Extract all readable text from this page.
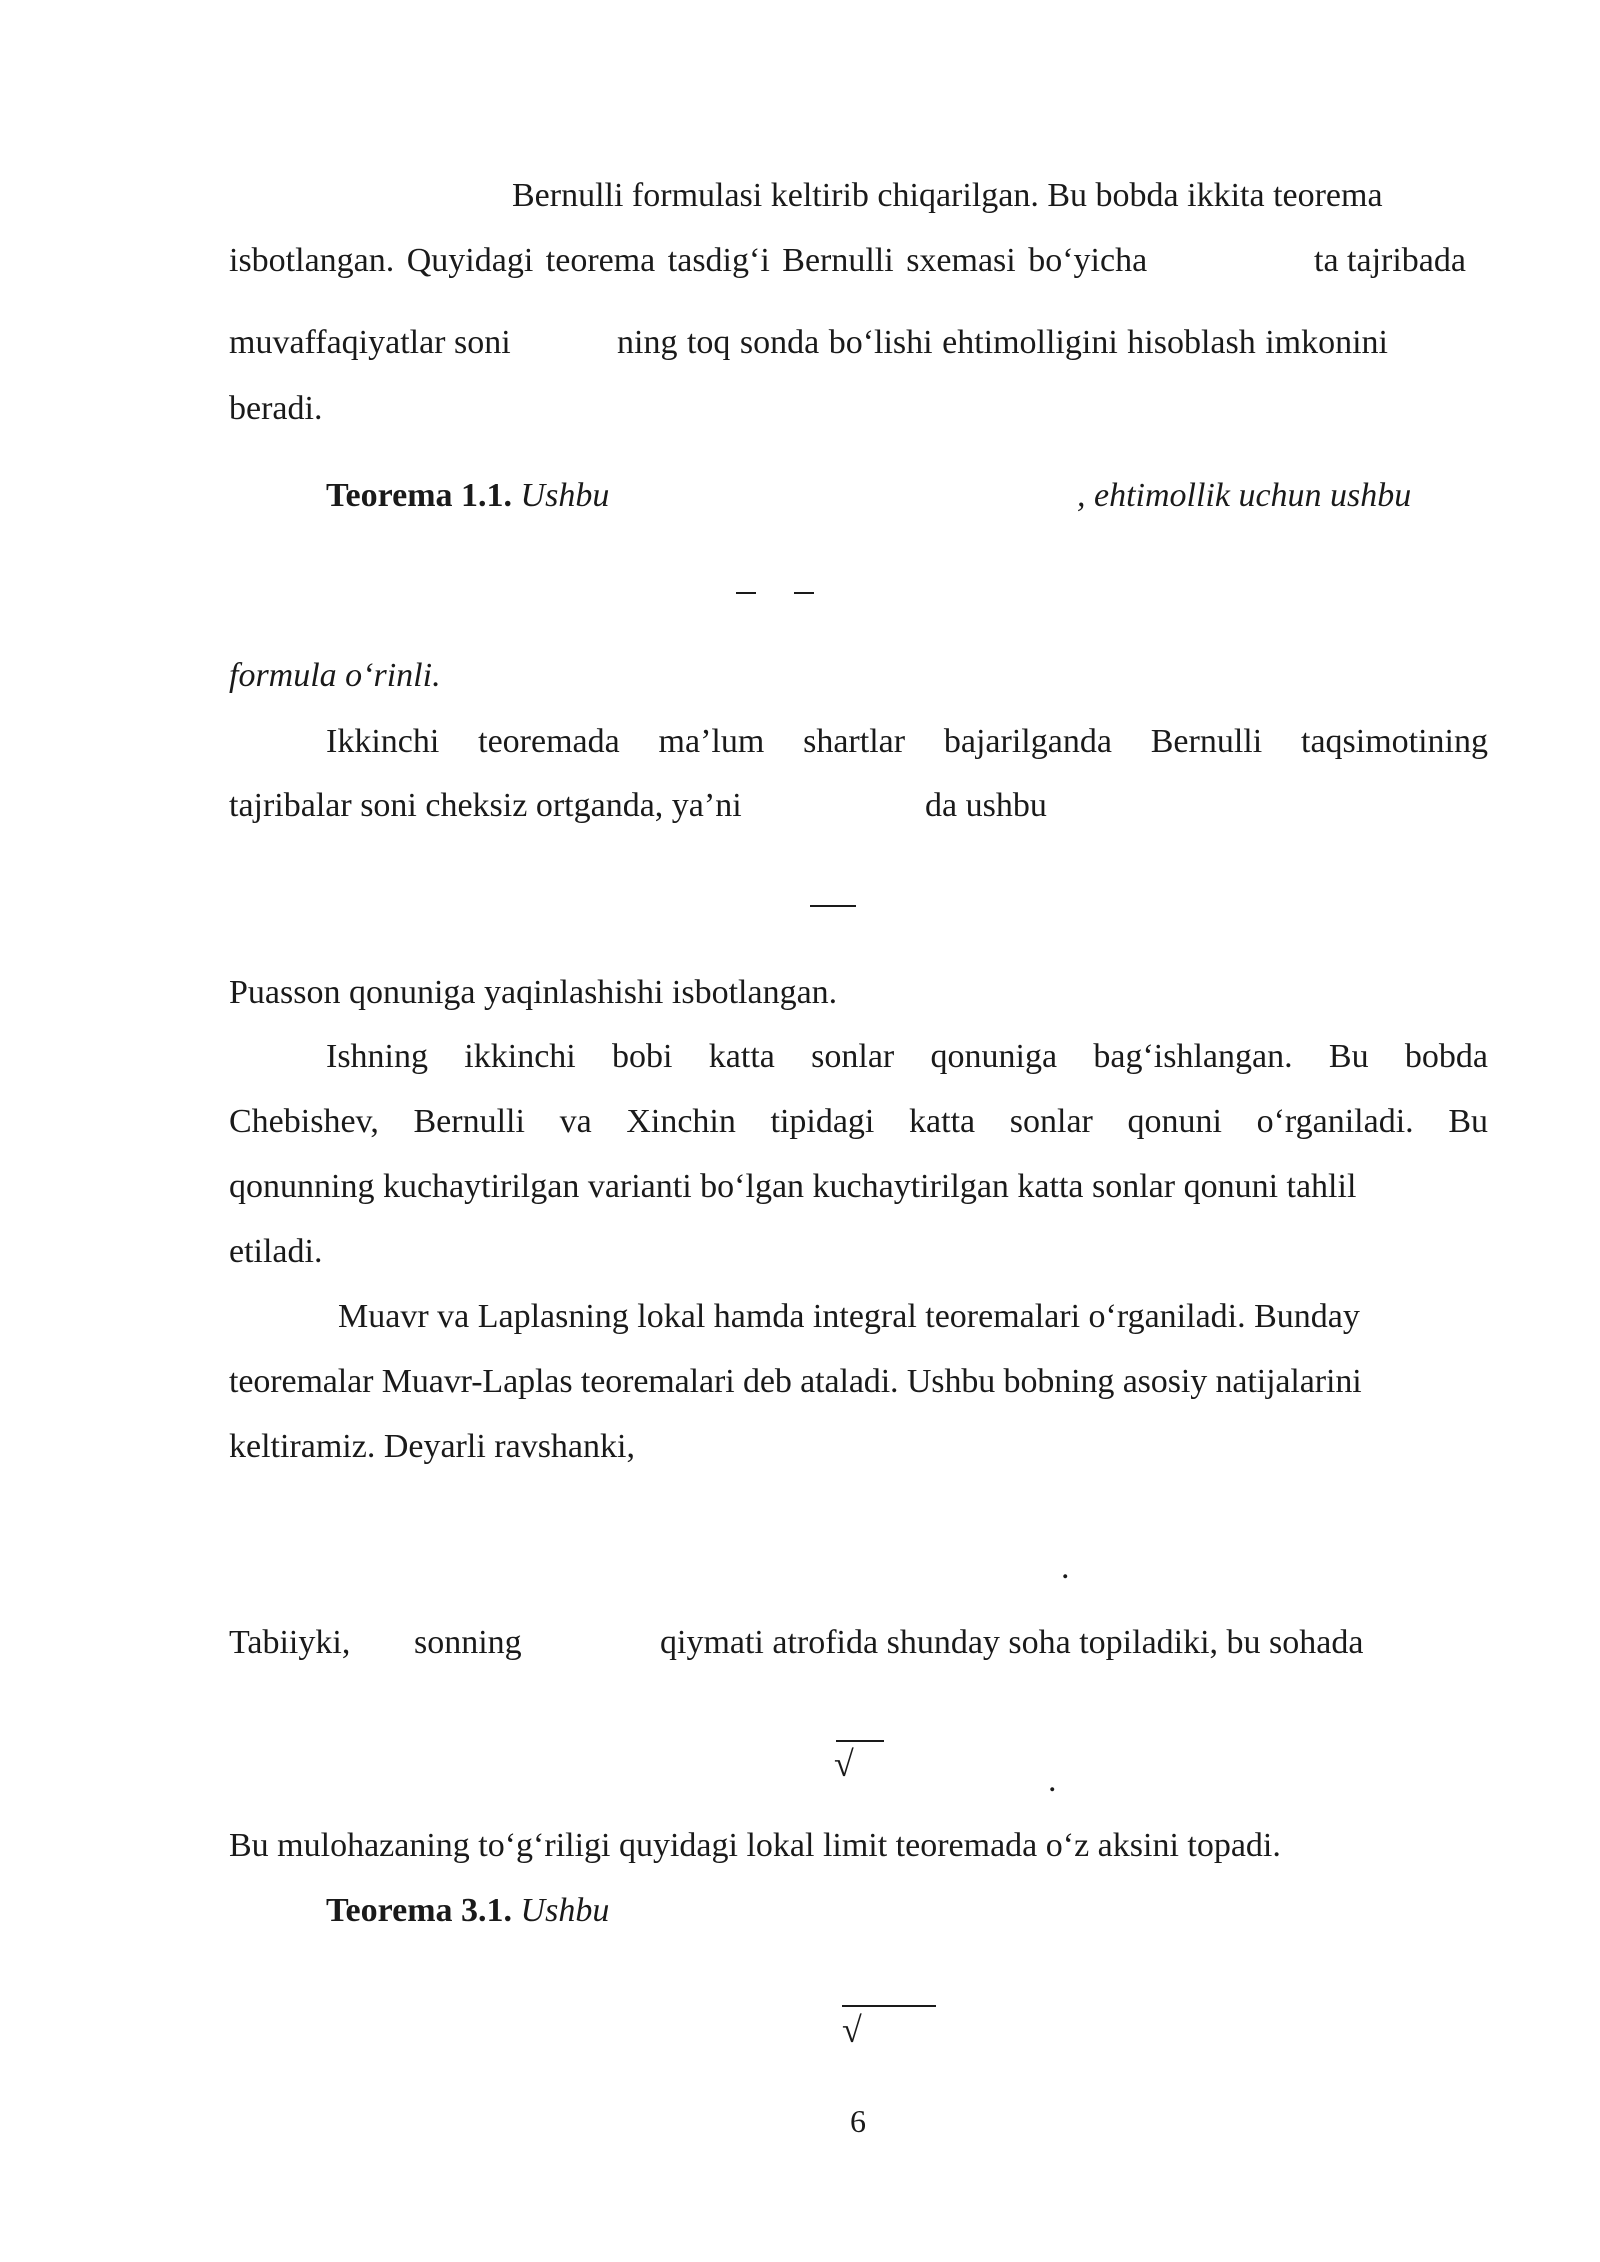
Bernulli formulasi keltirib chiqarilgan. Bu bobda ikkita teorema
isbotlangan. Quyidagi teorema tasdig‘i Bernulli sxemasi bo‘yicha	ta tajribada
muvaffaqiyatlar soni	ning toq sonda bo‘lishi ehtimolligini hisoblash imkonini
beradi.
Teorema 1.1. Ushbu	, ehtimollik uchun ushbu
formula o‘rinli.
Ikkinchi teoremada ma’lum shartlar bajarilganda Bernulli taqsimotining
tajribalar soni cheksiz ortganda, ya’ni	da ushbu
Puasson qonuniga yaqinlashishi isbotlangan.
Ishning ikkinchi bobi katta sonlar qonuniga bag‘ishlangan. Bu bobda
Chebishev, Bernulli va Xinchin tipidagi katta sonlar qonuni o‘rganiladi. Bu
qonunning kuchaytirilgan varianti bo‘lgan kuchaytirilgan katta sonlar qonuni tahlil
etiladi.
Muavr va Laplasning lokal hamda integral teoremalari o‘rganiladi. Bunday
teoremalar Muavr-Laplas teoremalari deb ataladi. Ushbu bobning asosiy natijalarini
keltiramiz. Deyarli ravshanki,
.
Tabiiyki, sonning	qiymati atrofida shunday soha topiladiki, bu sohada
√	.
Bu mulohazaning to‘g‘riligi quyidagi lokal limit teoremada o‘z aksini topadi.
Teorema 3.1. Ushbu
√
6
